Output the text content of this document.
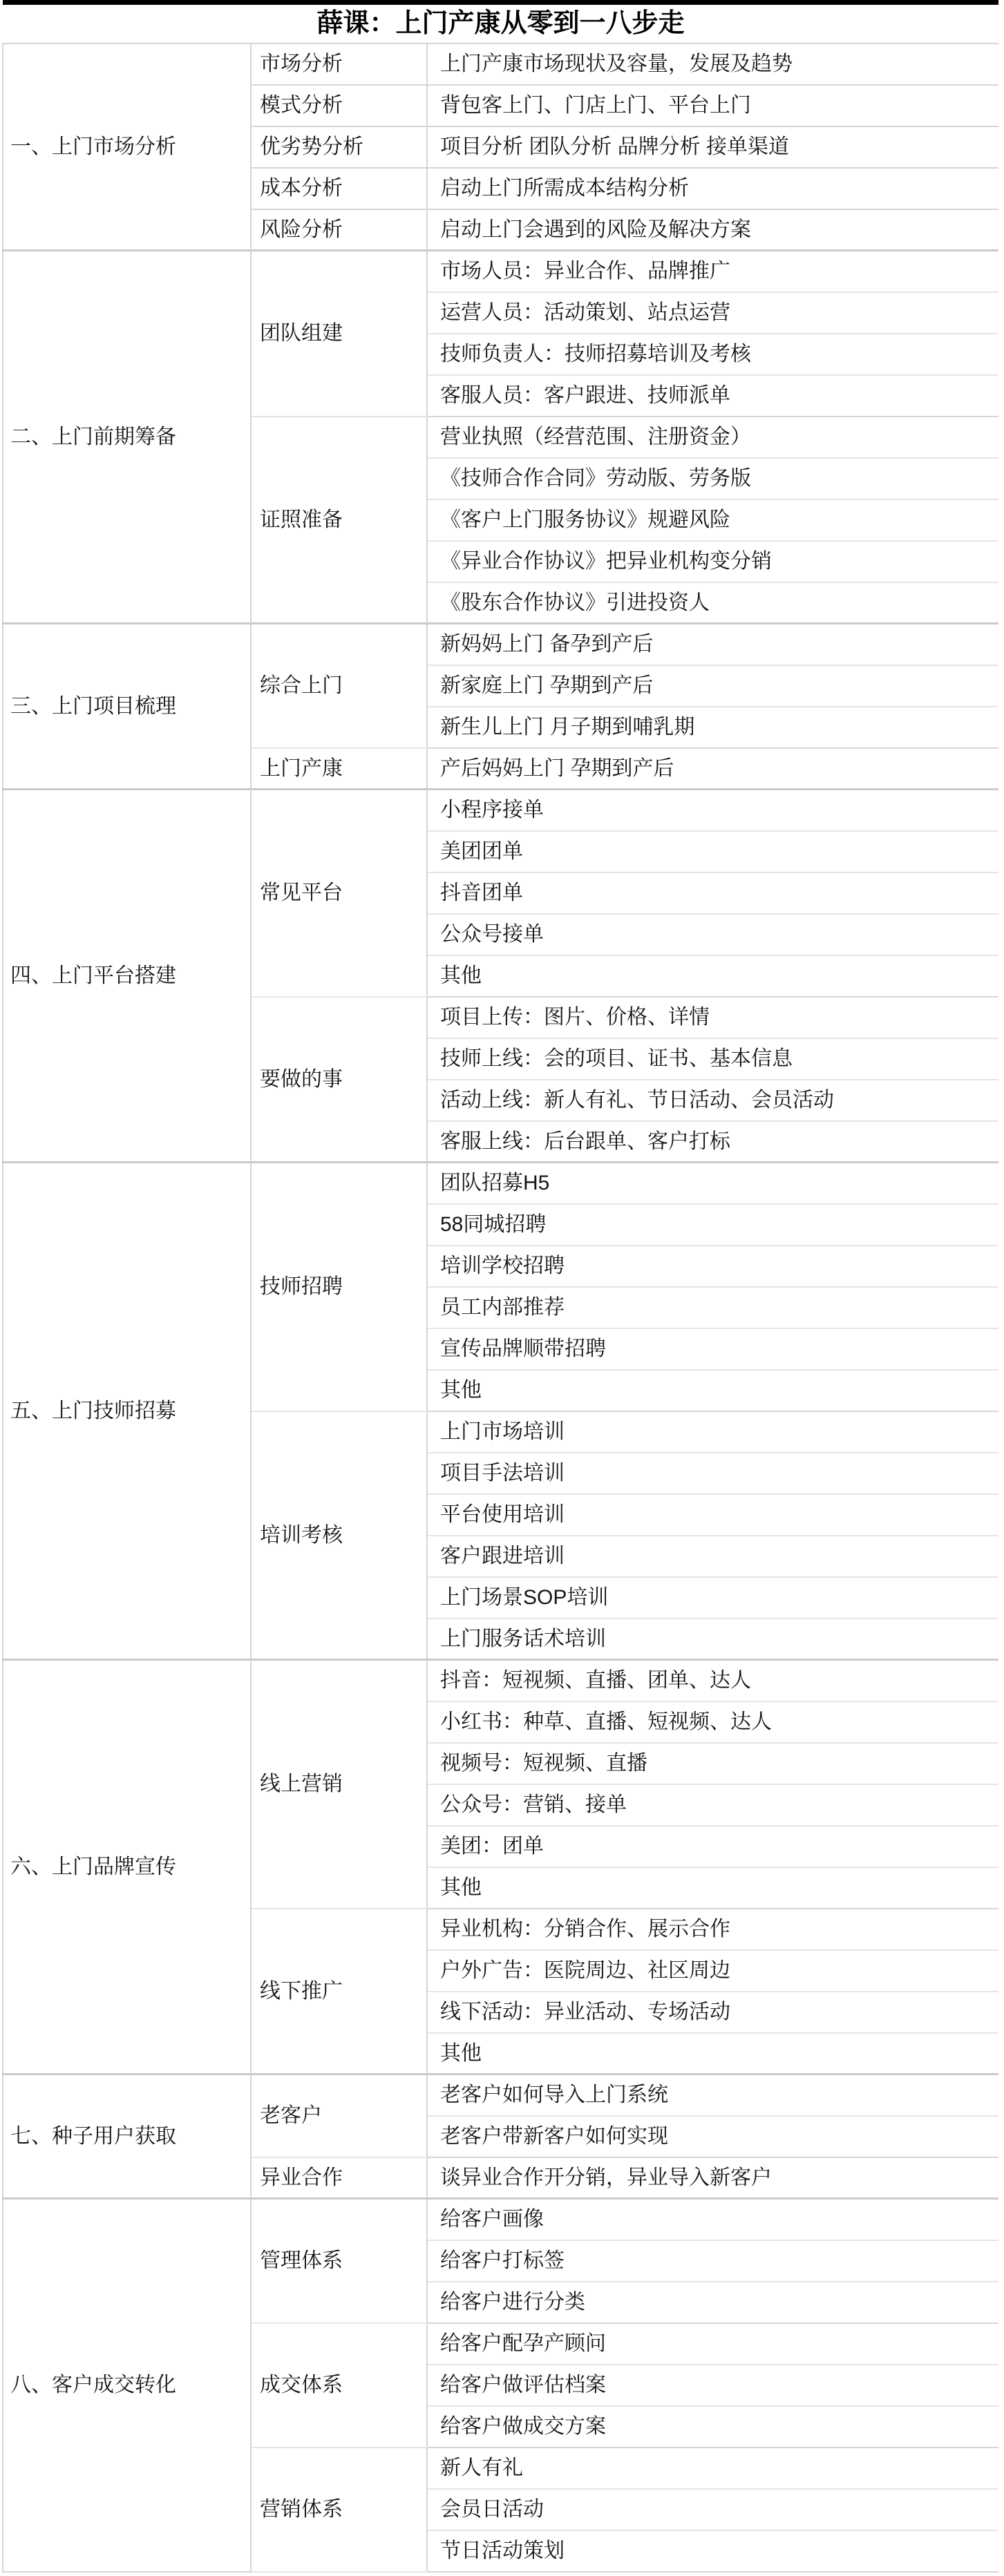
薛课：上门产康从零到一八步走		
一、上门市场分析	市场分析	上门产康市场现状及容量，发展及趋势
	模式分析	背包客上门、门店上门、平台上门
	优劣势分析	项目分析 团队分析 品牌分析 接单渠道
	成本分析	启动上门所需成本结构分析
	风险分析	启动上门会遇到的风险及解决方案
二、上门前期筹备	团队组建	市场人员：异业合作、品牌推广
		运营人员：活动策划、站点运营
		技师负责人：技师招募培训及考核
		客服人员：客户跟进、技师派单
	证照准备	营业执照（经营范围、注册资金）
		《技师合作合同》劳动版、劳务版
		《客户上门服务协议》规避风险
		《异业合作协议》把异业机构变分销
		《股东合作协议》引进投资人
三、上门项目梳理	综合上门	新妈妈上门 备孕到产后
		新家庭上门 孕期到产后
		新生儿上门 月子期到哺乳期
	上门产康	产后妈妈上门 孕期到产后
四、上门平台搭建	常见平台	小程序接单
		美团团单
		抖音团单
		公众号接单
		其他
	要做的事	项目上传：图片、价格、详情
		技师上线：会的项目、证书、基本信息
		活动上线：新人有礼、节日活动、会员活动
		客服上线：后台跟单、客户打标
五、上门技师招募	技师招聘	团队招募H5
		58同城招聘
		培训学校招聘
		员工内部推荐
		宣传品牌顺带招聘
		其他
	培训考核	上门市场培训
		项目手法培训
		平台使用培训
		客户跟进培训
		上门场景SOP培训
		上门服务话术培训
六、上门品牌宣传	线上营销	抖音：短视频、直播、团单、达人
		小红书：种草、直播、短视频、达人
		视频号：短视频、直播
		公众号：营销、接单
		美团：团单
		其他
	线下推广	异业机构：分销合作、展示合作
		户外广告：医院周边、社区周边
		线下活动：异业活动、专场活动
		其他
七、种子用户获取	老客户	老客户如何导入上门系统
		老客户带新客户如何实现
	异业合作	谈异业合作开分销，异业导入新客户
八、客户成交转化	管理体系	给客户画像
		给客户打标签
		给客户进行分类
	成交体系	给客户配孕产顾问
		给客户做评估档案
		给客户做成交方案
	营销体系	新人有礼
		会员日活动
		节日活动策划
